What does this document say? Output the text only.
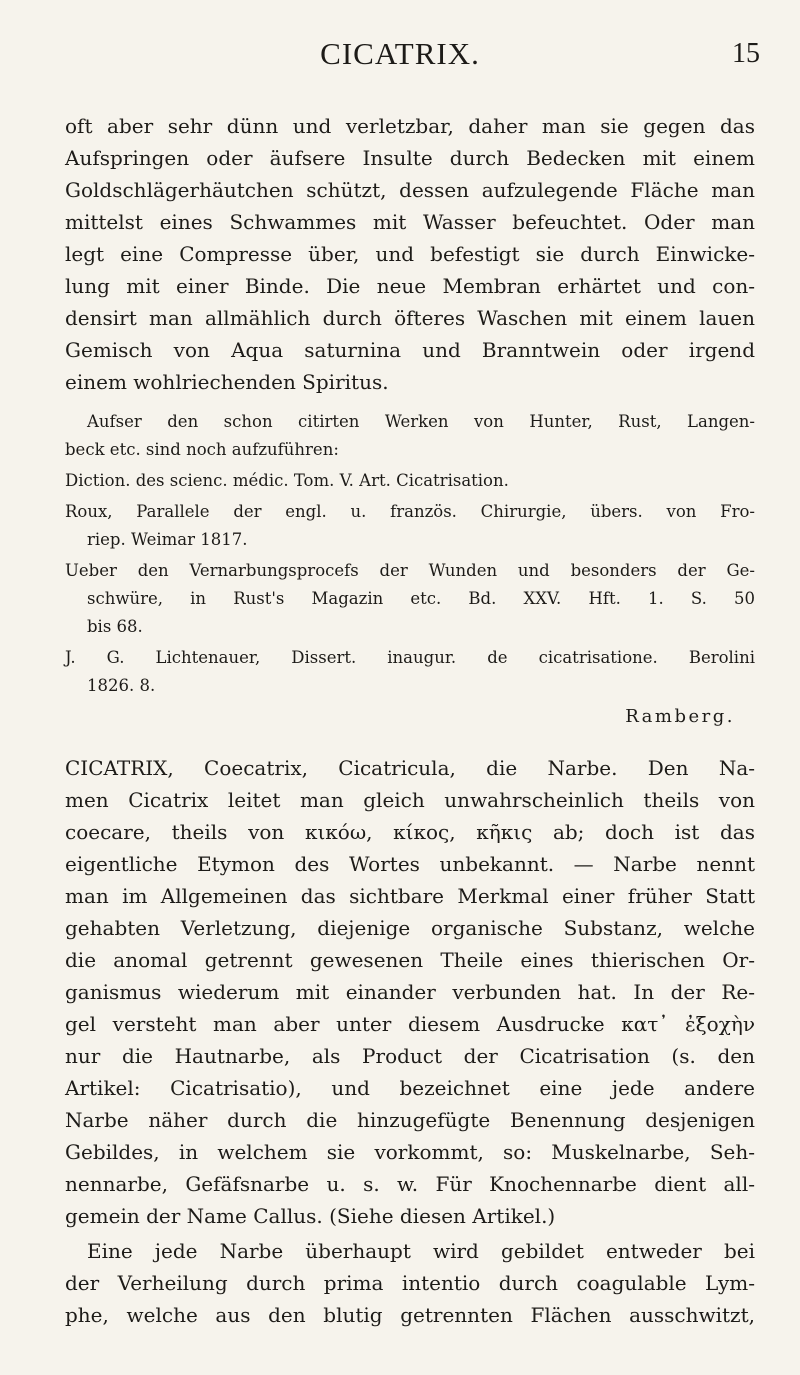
CICATRIX.	15
oft aber sehr dünn und verletzbar, daher man sie gegen das
Aufspringen oder äufsere Insulte durch Bedecken mit einem
Goldschlägerhäutchen schützt, dessen aufzulegende Fläche man
mittelst eines Schwammes mit Wasser befeuchtet. Oder man
legt eine Compresse über, und befestigt sie durch Einwicke-
lung mit einer Binde. Die neue Membran erhärtet und con-
densirt man allmählich durch öfteres Waschen mit einem lauen
Gemisch von Aqua saturnina und Branntwein oder irgend
einem wohlriechenden Spiritus.
Aufser den schon citirten Werken von Hunter, Rust, Langen-
beck etc. sind noch aufzuführen:
Diction. des scienc. médic. Tom. V. Art. Cicatrisation.
Roux, Parallele der engl. u. französ. Chirurgie, übers. von Fro-
riep. Weimar 1817.
Ueber den Vernarbungsprocefs der Wunden und besonders der Ge-
schwüre, in Rust's Magazin etc. Bd. XXV. Hft. 1. S. 50
bis 68.
J. G. Lichtenauer, Dissert. inaugur. de cicatrisatione. Berolini
1826. 8.
Ramberg.
CICATRIX, Coecatrix, Cicatricula, die Narbe. Den Na-
men Cicatrix leitet man gleich unwahrscheinlich theils von
coecare, theils von κικόω, κίκος, κῆκις ab; doch ist das
eigentliche Etymon des Wortes unbekannt. — Narbe nennt
man im Allgemeinen das sichtbare Merkmal einer früher Statt
gehabten Verletzung, diejenige organische Substanz, welche
die anomal getrennt gewesenen Theile eines thierischen Or-
ganismus wiederum mit einander verbunden hat. In der Re-
gel versteht man aber unter diesem Ausdrucke κατ᾽ ἐξοχὴν
nur die Hautnarbe, als Product der Cicatrisation (s. den
Artikel: Cicatrisatio), und bezeichnet eine jede andere
Narbe näher durch die hinzugefügte Benennung desjenigen
Gebildes, in welchem sie vorkommt, so: Muskelnarbe, Seh-
nennarbe, Gefäfsnarbe u. s. w. Für Knochennarbe dient all-
gemein der Name Callus. (Siehe diesen Artikel.)
Eine jede Narbe überhaupt wird gebildet entweder bei
der Verheilung durch prima intentio durch coagulable Lym-
phe, welche aus den blutig getrennten Flächen ausschwitzt,
